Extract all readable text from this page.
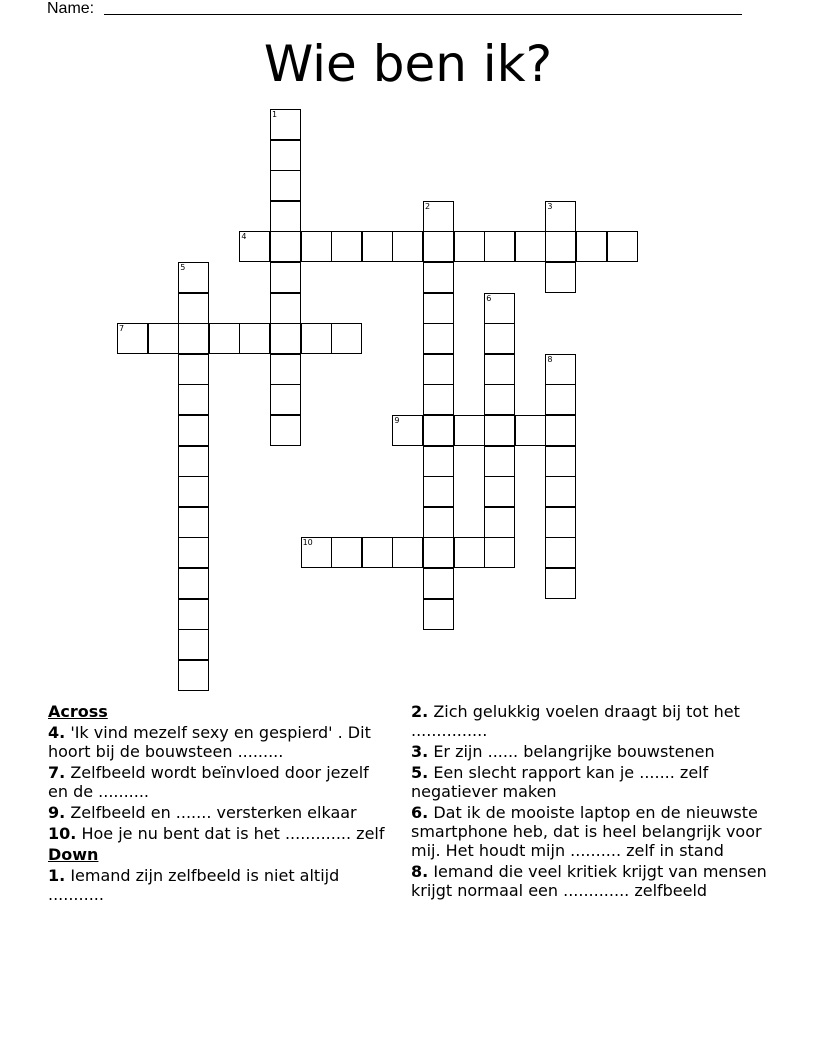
Name:
Wie ben ik?
1
2	3
4
5
6
7
8
9
10
Across
4. 'Ik vind mezelf sexy en gespierd' . Dit hoort bij de bouwsteen .........
7. Zelfbeeld wordt beïnvloed door jezelf en de ..........
9. Zelfbeeld en ....... versterken elkaar
10. Hoe je nu bent dat is het ............. zelf
Down
1. Iemand zijn zelfbeeld is niet altijd ...........
2. Zich gelukkig voelen draagt bij tot het ...............
3. Er zijn ...... belangrijke bouwstenen
5. Een slecht rapport kan je ....... zelf negatiever maken
6. Dat ik de mooiste laptop en de nieuwste smartphone heb, dat is heel belangrijk voor mij. Het houdt mijn .......... zelf in stand
8. Iemand die veel kritiek krijgt van mensen krijgt normaal een ............. zelfbeeld
